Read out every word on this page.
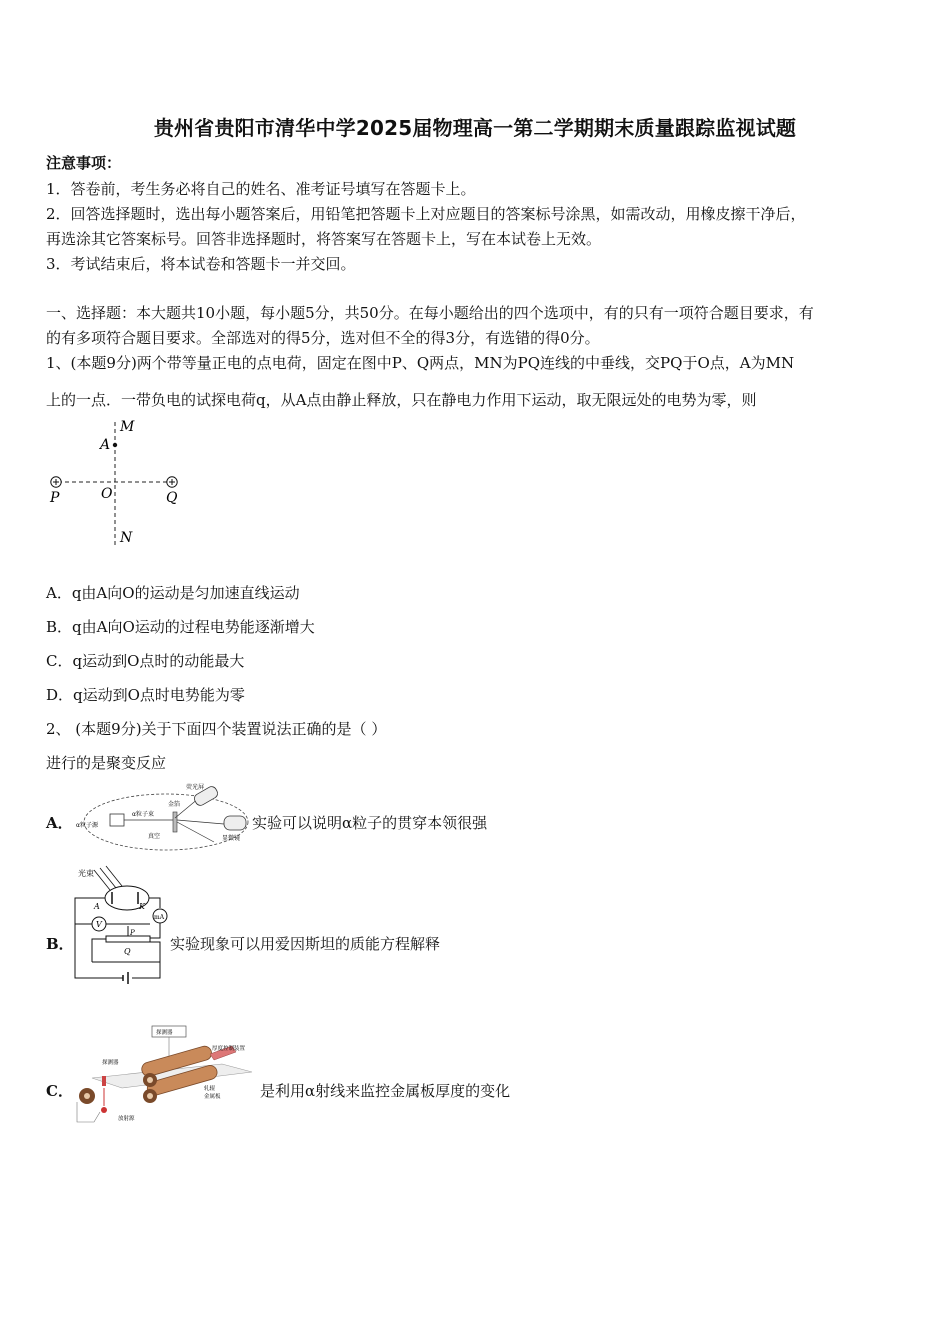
贵州省贵阳市清华中学2025届物理高一第二学期期末质量跟踪监视试题
注意事项：
1．答卷前，考生务必将自己的姓名、准考证号填写在答题卡上。
2．回答选择题时，选出每小题答案后，用铅笔把答题卡上对应题目的答案标号涂黑，如需改动，用橡皮擦干净后，
再选涂其它答案标号。回答非选择题时，将答案写在答题卡上，写在本试卷上无效。
3．考试结束后，将本试卷和答题卡一并交回。
一、选择题：本大题共10小题，每小题5分，共50分。在每小题给出的四个选项中，有的只有一项符合题目要求，有
的有多项符合题目要求。全部选对的得5分，选对但不全的得3分，有选错的得0分。
1、(本题9分)两个带等量正电的点电荷，固定在图中P、Q两点，MN为PQ连线的中垂线，交PQ于O点，A为MN
上的一点．一带负电的试探电荷q，从A点由静止释放，只在静电力作用下运动，取无限远处的电势为零，则
M
A
P	O	Q
N
A．q由A向O的运动是匀加速直线运动
B．q由A向O运动的过程电势能逐渐增大
C．q运动到O点时的动能最大
D．q运动到O点时电势能为零
2、 (本题9分)关于下面四个装置说法正确的是（ ）
进行的是聚变反应
A． α粒子源
α粒子束
金箔
荧光屏
真空	显微镜
实验可以说明α粒子的贯穿本领很强
B．
光束
A	K
V
mA
P
Q	实验现象可以用爱因斯坦的质能方程解释
C．
探测器
厚度控制装置
探测器
轧辊
金属板
放射源
是利用α射线来监控金属板厚度的变化
